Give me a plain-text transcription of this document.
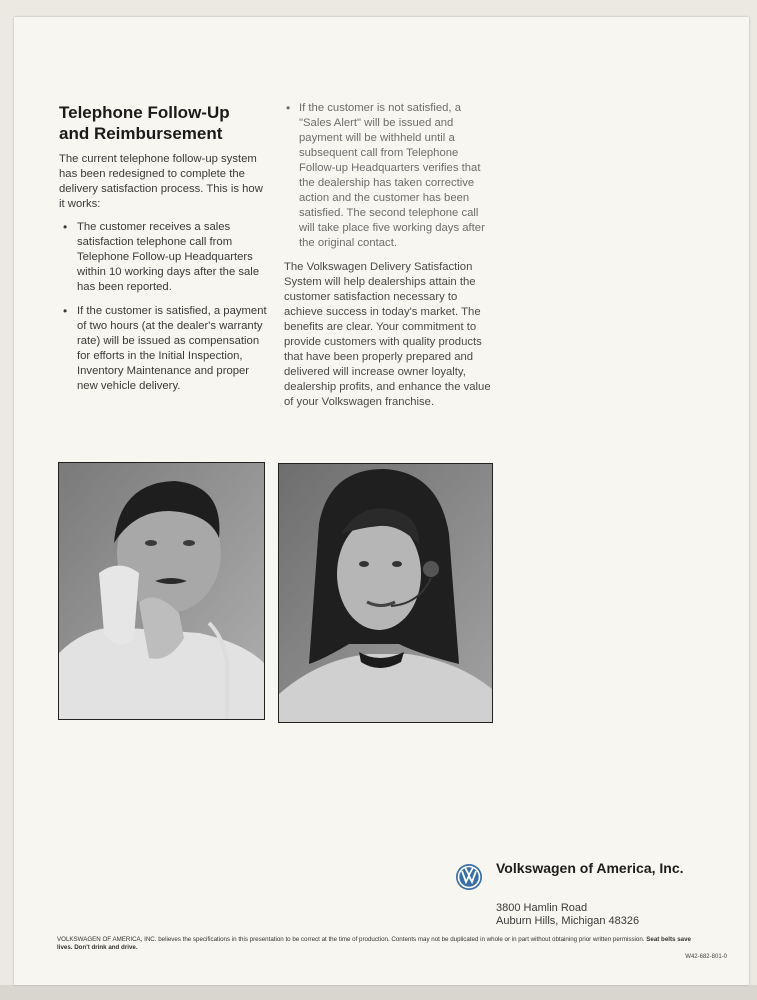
Telephone Follow-Up
and Reimbursement

The current telephone follow-up system has been redesigned to complete the delivery satisfaction process. This is how it works:

• The customer receives a sales satisfaction telephone call from Telephone Follow-up Headquarters within 10 working days after the sale has been reported.
• If the customer is satisfied, a payment of two hours (at the dealer's warranty rate) will be issued as compensation for efforts in the Initial Inspection, Inventory Maintenance and proper new vehicle delivery.
• If the customer is not satisfied, a "Sales Alert" will be issued and payment will be withheld until a subsequent call from Telephone Follow-up Headquarters verifies that the dealership has taken corrective action and the customer has been satisfied. The second telephone call will take place five working days after the original contact.

The Volkswagen Delivery Satisfaction System will help dealerships attain the customer satisfaction necessary to achieve success in today's market. The benefits are clear. Your commitment to provide customers with quality products that have been properly prepared and delivered will increase owner loyalty, dealership profits, and enhance the value of your Volkswagen franchise.

Volkswagen of America, Inc.
3800 Hamlin Road
Auburn Hills, Michigan 48326

VOLKSWAGEN OF AMERICA, INC. believes the specifications in this presentation to be correct at the time of production. Contents may not be duplicated in whole or in part without obtaining prior written permission. Seat belts save lives. Don't drink and drive.

W42-682-801-0
